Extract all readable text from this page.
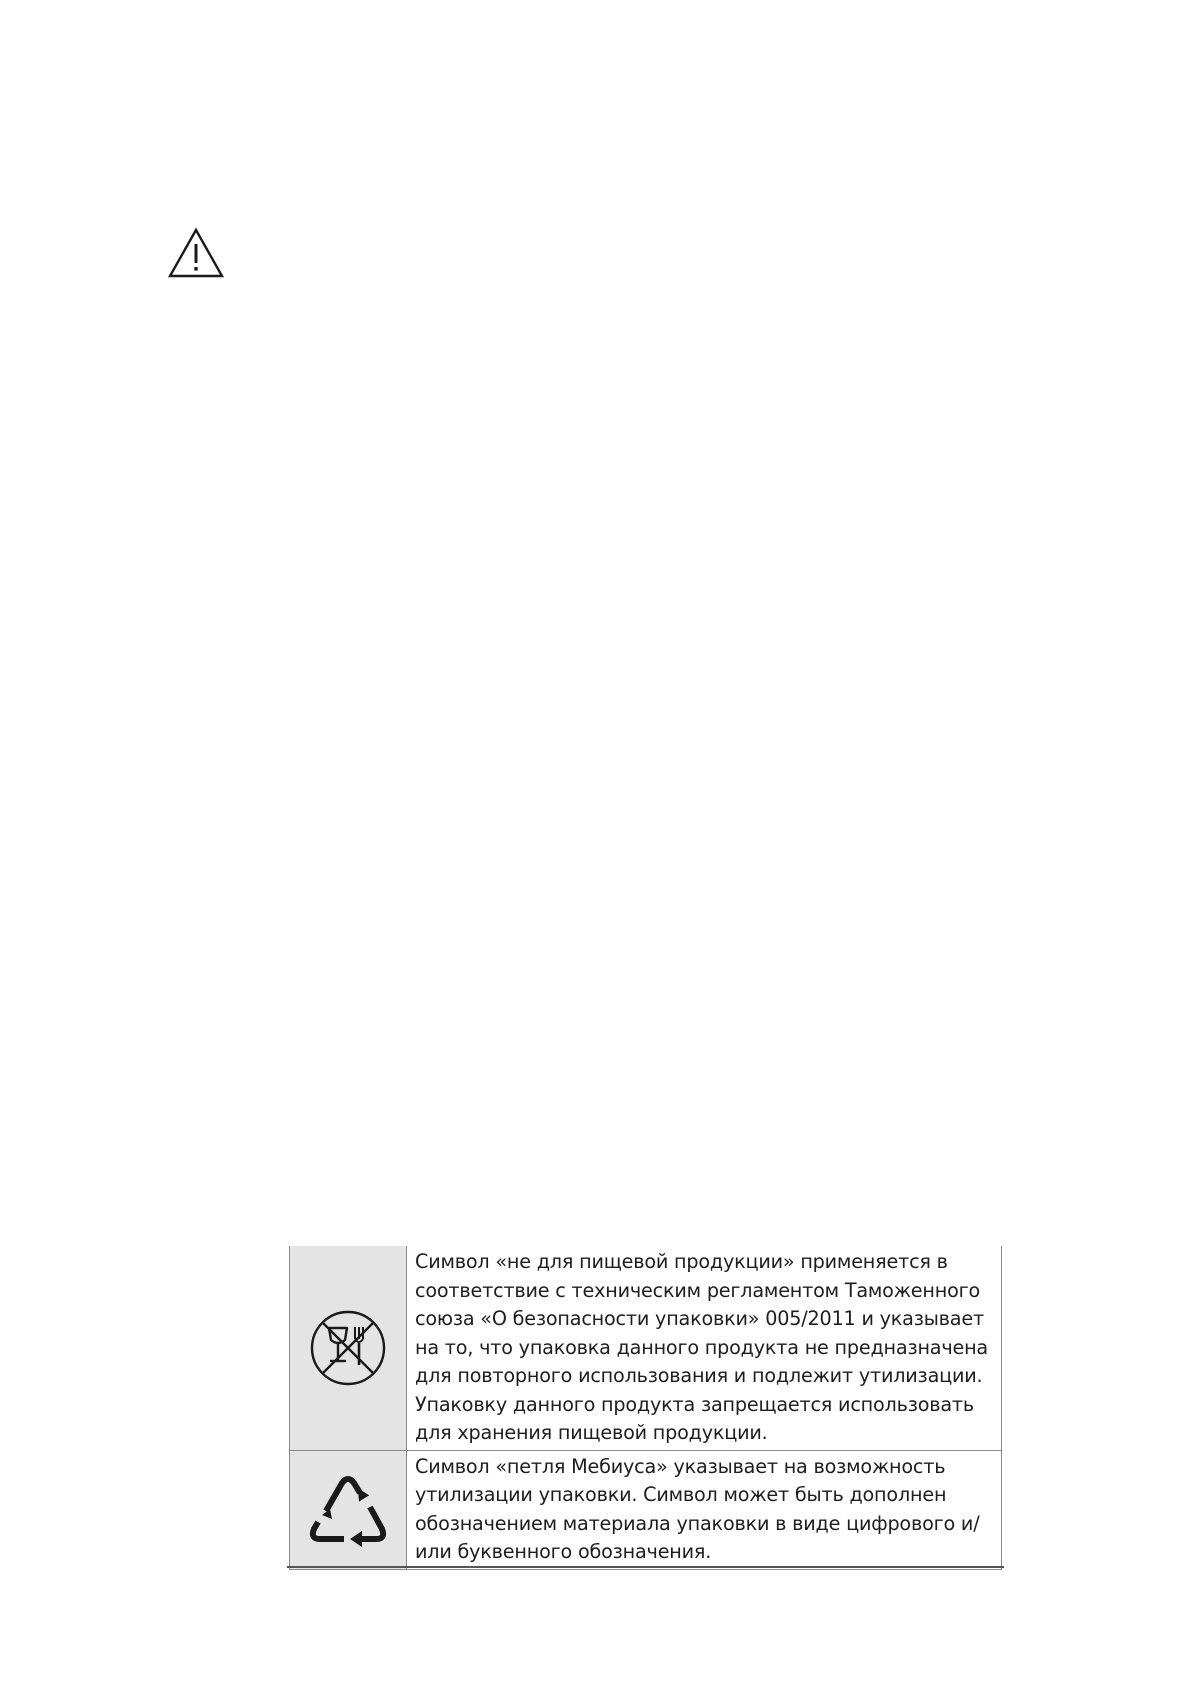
	Символ «не для пищевой продукции» применяется в соответствие с техническим регламентом Таможенного союза «О безопасности упаковки» 005/2011 и указывает на то, что упаковка данного продукта не предназначена для повторного использования и подлежит утилизации. Упаковку данного продукта запрещается использовать для хранения пищевой продукции.

	Символ «петля Мебиуса» указывает на возможность утилизации упаковки. Символ может быть дополнен обозначением материала упаковки в виде цифрового и/или буквенного обозначения.
